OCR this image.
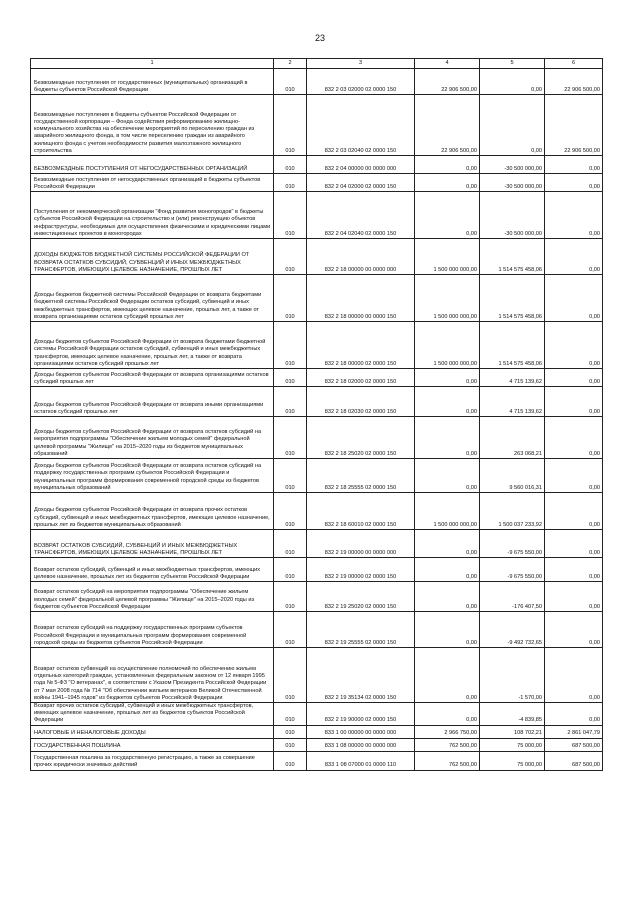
23
1	2	3	4	5	6
Безвозмездные поступления от государственных (муниципальных) организаций в бюджеты субъектов Российской Федерации	010	832 2 03 02000 02 0000 150	22 906 500,00	0,00	22 906 500,00
Безвозмездные поступления в бюджеты субъектов Российской Федерации от государственной корпорации – Фонда содействия реформированию жилищно-коммунального хозяйства на обеспечение мероприятий по переселению граждан из аварийного жилищного фонда, в том числе переселению граждан из аварийного жилищного фонда с учетом необходимости развития малоэтажного жилищного строительства	010	832 2 03 02040 02 0000 150	22 906 500,00	0,00	22 906 500,00
БЕЗВОЗМЕЗДНЫЕ ПОСТУПЛЕНИЯ ОТ НЕГОСУДАРСТВЕННЫХ ОРГАНИЗАЦИЙ	010	832 2 04 00000 00 0000 000	0,00	-30 500 000,00	0,00
Безвозмездные поступления от негосударственных организаций в бюджеты субъектов Российской Федерации	010	832 2 04 02000 02 0000 150	0,00	-30 500 000,00	0,00
Поступления от некоммерческой организации "Фонд развития моногородов" в бюджеты субъектов Российской Федерации на строительство и (или) реконструкцию объектов инфраструктуры, необходимых для осуществления физическими и юридическими лицами инвестиционных проектов в моногородах	010	832 2 04 02040 02 0000 150	0,00	-30 500 000,00	0,00
ДОХОДЫ БЮДЖЕТОВ БЮДЖЕТНОЙ СИСТЕМЫ РОССИЙСКОЙ ФЕДЕРАЦИИ ОТ ВОЗВРАТА ОСТАТКОВ СУБСИДИЙ, СУБВЕНЦИЙ И ИНЫХ МЕЖБЮДЖЕТНЫХ ТРАНСФЕРТОВ, ИМЕЮЩИХ ЦЕЛЕВОЕ НАЗНАЧЕНИЕ, ПРОШЛЫХ ЛЕТ	010	832 2 18 00000 00 0000 000	1 500 000 000,00	1 514 575 458,06	0,00
Доходы бюджетов бюджетной системы Российской Федерации от возврата бюджетами бюджетной системы Российской Федерации остатков субсидий, субвенций и иных межбюджетных трансфертов, имеющих целевое назначение, прошлых лет, а также от возврата организациями остатков субсидий прошлых лет	010	832 2 18 00000 00 0000 150	1 500 000 000,00	1 514 575 458,06	0,00
Доходы бюджетов субъектов Российской Федерации от возврата бюджетами бюджетной системы Российской Федерации остатков субсидий, субвенций и иных межбюджетных трансфертов, имеющих целевое назначение, прошлых лет, а также от возврата организациями остатков субсидий прошлых лет	010	832 2 18 00000 02 0000 150	1 500 000 000,00	1 514 575 458,06	0,00
Доходы бюджетов субъектов Российской Федерации от возврата организациями остатков субсидий прошлых лет	010	832 2 18 02000 02 0000 150	0,00	4 715 139,62	0,00
Доходы бюджетов субъектов Российской Федерации от возврата иными организациями остатков субсидий прошлых лет	010	832 2 18 02030 02 0000 150	0,00	4 715 139,62	0,00
Доходы бюджетов субъектов Российской Федерации от возврата остатков субсидий на мероприятия подпрограммы "Обеспечение жильем молодых семей" федеральной целевой программы "Жилище" на 2015–2020 годы из бюджетов муниципальных образований	010	832 2 18 25020 02 0000 150	0,00	263 068,21	0,00
Доходы бюджетов субъектов Российской Федерации от возврата остатков субсидий на поддержку государственных программ субъектов Российской Федерации и муниципальных программ формирования современной городской среды из бюджетов муниципальных образований	010	832 2 18 25555 02 0000 150	0,00	9 560 016,31	0,00
Доходы бюджетов субъектов Российской Федерации от возврата прочих остатков субсидий, субвенций и иных межбюджетных трансфертов, имеющих целевое назначение, прошлых лет из бюджетов муниципальных образований	010	832 2 18 60010 02 0000 150	1 500 000 000,00	1 500 037 233,92	0,00
ВОЗВРАТ ОСТАТКОВ СУБСИДИЙ, СУБВЕНЦИЙ И ИНЫХ МЕЖБЮДЖЕТНЫХ ТРАНСФЕРТОВ, ИМЕЮЩИХ ЦЕЛЕВОЕ НАЗНАЧЕНИЕ, ПРОШЛЫХ ЛЕТ	010	832 2 19 00000 00 0000 000	0,00	-9 675 550,00	0,00
Возврат остатков субсидий, субвенций и иных межбюджетных трансфертов, имеющих целевое назначение, прошлых лет из бюджетов субъектов Российской Федерации	010	832 2 19 00000 02 0000 150	0,00	-9 675 550,00	0,00
Возврат остатков субсидий на мероприятия подпрограммы "Обеспечение жильем молодых семей" федеральной целевой программы "Жилище" на 2015–2020 годы из бюджетов субъектов Российской Федерации	010	832 2 19 25020 02 0000 150	0,00	-176 407,50	0,00
Возврат остатков субсидий на поддержку государственных программ субъектов Российской Федерации и муниципальных программ формирования современной городской среды из бюджетов субъектов Российской Федерации	010	832 2 19 25555 02 0000 150	0,00	-9 492 732,65	0,00
Возврат остатков субвенций на осуществление полномочий по обеспечению жильем отдельных категорий граждан, установленных федеральным законом от 12 января 1995 года № 5-ФЗ "О ветеранах", в соответствии с Указом Президента Российской Федерации от 7 мая 2008 года № 714 "Об обеспечении жильем ветеранов Великой Отечественной войны 1941–1945 годов" из бюджетов субъектов Российской Федерации	010	832 2 19 35134 02 0000 150	0,00	-1 570,00	0,00
Возврат прочих остатков субсидий, субвенций и иных межбюджетных трансфертов, имеющих целевое назначение, прошлых лет из бюджетов субъектов Российской Федерации	010	832 2 19 90000 02 0000 150	0,00	-4 839,85	0,00
НАЛОГОВЫЕ И НЕНАЛОГОВЫЕ ДОХОДЫ	010	833 1 00 00000 00 0000 000	2 966 750,00	108 702,21	2 861 047,79
ГОСУДАРСТВЕННАЯ ПОШЛИНА	010	833 1 08 00000 00 0000 000	762 500,00	75 000,00	687 500,00
Государственная пошлина за государственную регистрацию, а также за совершение прочих юридически значимых действий	010	833 1 08 07000 01 0000 110	762 500,00	75 000,00	687 500,00
